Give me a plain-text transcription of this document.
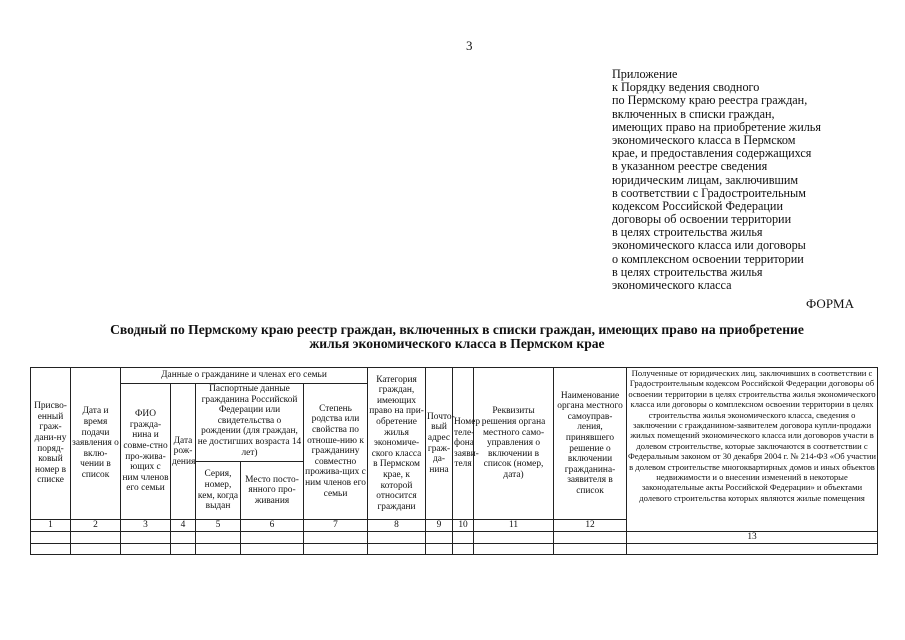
3
Приложение
к Порядку ведения сводного
по Пермскому краю реестра граждан,
включенных в списки граждан,
имеющих право на приобретение жилья
экономического класса в Пермском
крае, и предоставления содержащихся
в указанном реестре сведения
юридическим лицам, заключившим
в соответствии с Градостроительным
кодексом Российской Федерации
договоры об освоении территории
в целях строительства жилья
экономического класса или договоры
о комплексном освоении территории
в целях строительства жилья
экономического класса
ФОРМА
Сводный по Пермскому краю реестр граждан, включенных в списки граждан, имеющих право на приобретение
жилья экономического класса в Пермском крае
Присво-енный граж-дани-ну поряд-ковый номер в списке	Дата и время подачи заявления о вклю-чении в список	Данные о гражданине и членах его семьи					Категория граждан, имеющих право на при-обретение жилья экономиче-ского класса в Пермском крае, к которой относится граждани	Почто-вый адрес граж-да-нина	Номер теле-фона заяви-теля	Реквизиты решения органа местного само-управления о включении в список (номер, дата)	Наименование органа местного самоуправ-ления, принявшего решение о включении гражданина-заявителя в список	Полученные от юридических лиц, заключивших в соответствии с Градостроительным кодексом Российской Федерации договоры об освоении территории в целях строительства жилья экономического класса или договоры о комплексном освоении территории в целях строительства жилья экономического класса, сведения о заключении с гражданином-заявителем договора купли-продажи жилых помещений экономического класса или договоров участи в долевом строительстве, которые заключаются в соответствии с Федеральным законом от 30 декабря 2004 г. № 214-ФЗ «Об участии в долевом строительстве многоквартирных домов и иных объектов недвижимости и о внесении изменений в некоторые законодательные акты Российской Федерации» и объектами долевого строительства которых являются жилые помещения
		ФИО гражда-нина и совме-стно про-жива-ющих с ним членов его семьи	Дата рож-дения	Паспортные данные гражданина Российской Федерации или свидетельства о рождении (для граждан, не достигших возраста 14 лет)		Степень родства или свойства по отноше-нию к гражданину совместно прожива-щих с ним членов его семьи						
				Серия, номер, кем, когда выдан	Место посто-янного про-живания							
1	2	3	4	5	6	7	8	9	10	11	12	
												13
